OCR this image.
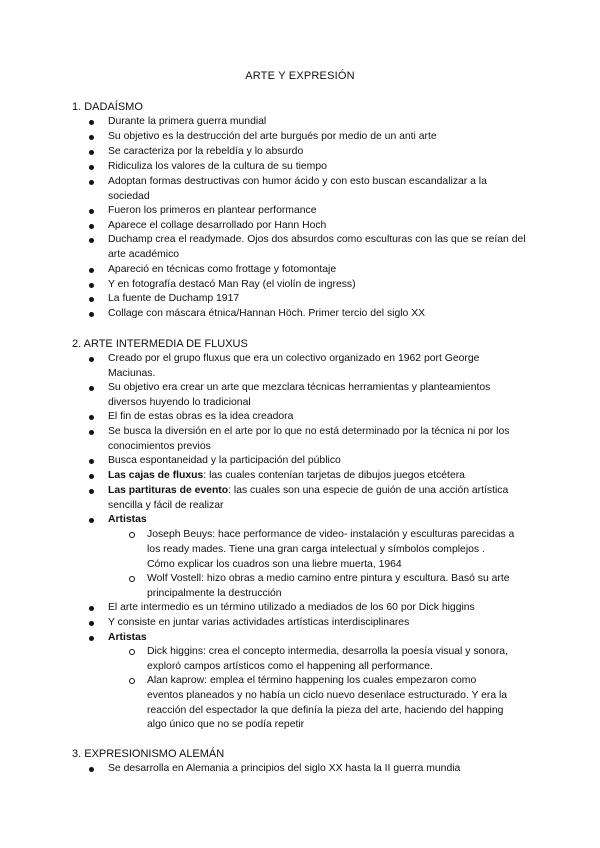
ARTE Y EXPRESIÓN
1. DADAÍSMO
Durante la primera guerra mundial
Su objetivo es la destrucción del arte burgués por medio de un anti arte
Se caracteriza por la rebeldía y lo absurdo
Ridiculiza los valores de la cultura de su tiempo
Adoptan formas destructivas con humor ácido y con esto buscan escandalizar a la sociedad
Fueron los primeros en plantear performance
Aparece el collage desarrollado por Hann Hoch
Duchamp crea el readymade. Ojos dos absurdos como esculturas con las que se reían del arte académico
Apareció en técnicas como frottage y fotomontaje
Y en fotografía destacó Man Ray (el violín de ingress)
La fuente de Duchamp 1917
Collage con máscara étnica/Hannan Höch. Primer tercio del siglo XX
2. ARTE INTERMEDIA DE FLUXUS
Creado por el grupo fluxus que era un colectivo organizado en 1962 port George Maciunas.
Su objetivo era crear un arte que mezclara técnicas herramientas y planteamientos diversos huyendo lo tradicional
El fin de estas obras es la idea creadora
Se busca la diversión en el arte por lo que no está determinado por la técnica ni por los conocimientos previos
Busca espontaneidad y la participación del público
Las cajas de fluxus: las cuales contenían tarjetas de dibujos juegos etcétera
Las partituras de evento: las cuales son una especie de guión de una acción artística sencilla y fácil de realizar
Artistas
Joseph Beuys: hace performance de video- instalación y esculturas parecidas a los ready mades. Tiene una gran carga intelectual y símbolos complejos . Cómo explicar los cuadros son una liebre muerta, 1964
Wolf Vostell: hizo obras a medio camino entre pintura y escultura. Basó su arte principalmente la destrucción
El arte intermedio es un término utilizado a mediados de los 60 por Dick higgins
Y consiste en juntar varias actividades artísticas interdisciplinares
Artistas
Dick higgins: crea el concepto intermedia, desarrolla la poesía visual y sonora, exploró campos artísticos como el happening all performance.
Alan kaprow: emplea el término happening los cuales empezaron como eventos planeados y no había un ciclo nuevo desenlace estructurado. Y era la reacción del espectador la que definía la pieza del arte, haciendo del happing algo único que no se podía repetir
3. EXPRESIONISMO ALEMÁN
Se desarrolla en Alemania a principios del siglo XX hasta la II guerra mundia
